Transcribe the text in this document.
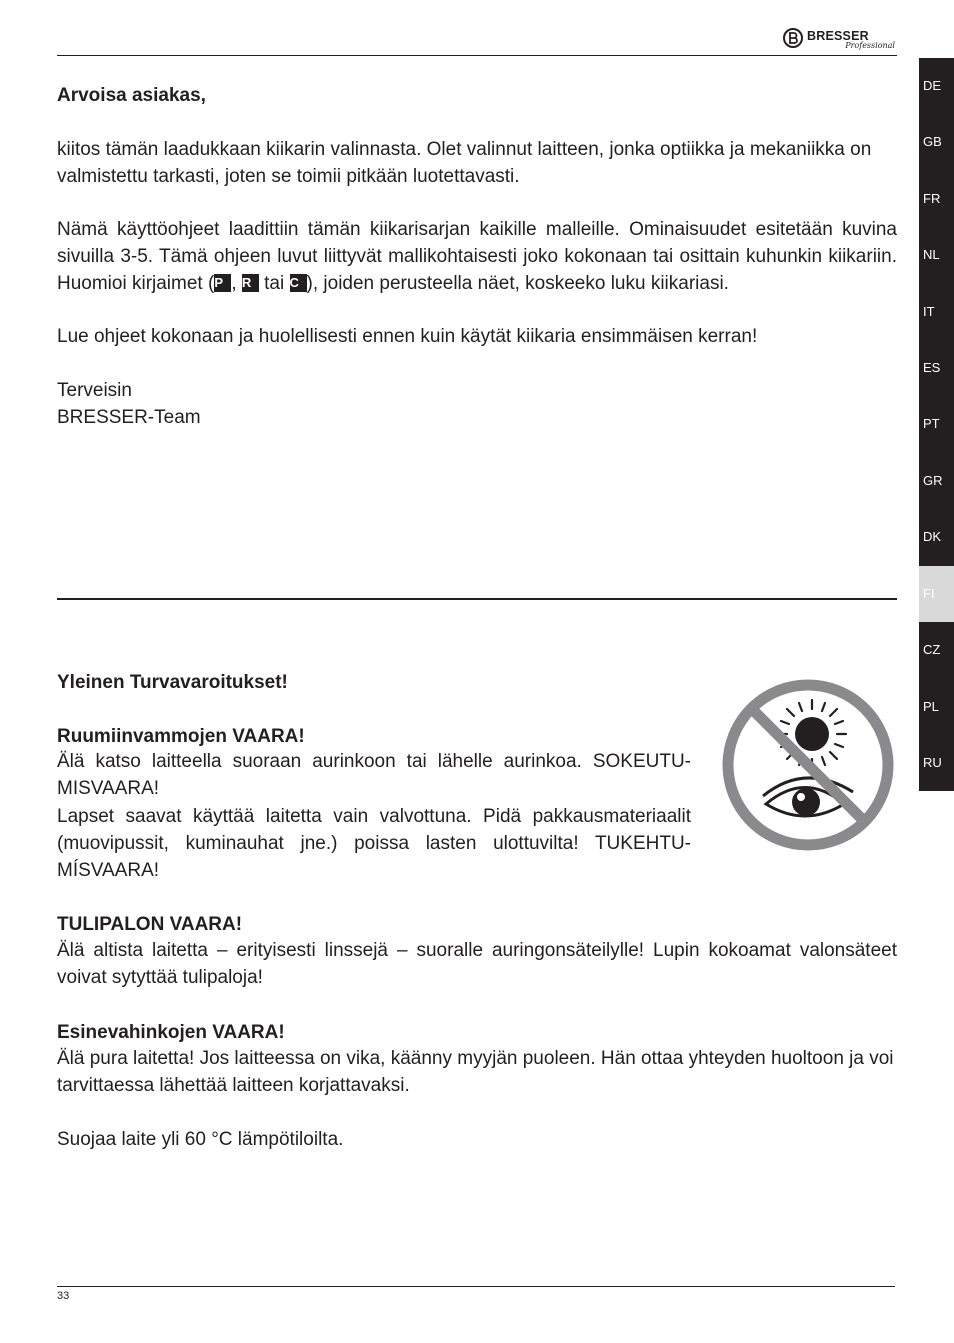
BRESSER
Professional
DE
GB
FR
NL
IT
ES
PT
GR
DK
FI
CZ
PL
RU

Arvoisa asiakas,

kiitos tämän laadukkaan kiikarin valinnasta. Olet valinnut laitteen, jonka optiikka ja mekaniikka on valmistettu tarkasti, joten se toimii pitkään luotettavasti.

Nämä käyttöohjeet laadittiin tämän kiikarisarjan kaikille malleille. Ominaisuudet esitetään kuvina sivuilla 3-5. Tämä ohjeen luvut liittyvät mallikohtaisesti joko kokonaan tai osittain kuhunkin kiikariin. Huomioi kirjaimet (P , R tai C ), joiden perusteella näet, koskeeko luku kiikariasi.

Lue ohjeet kokonaan ja huolellisesti ennen kuin käytät kiikaria ensimmäisen kerran!

Terveisin

BRESSER-Team

Yleinen Turvavaroitukset!

Ruumiinvammojen VAARA!

Älä katso laitteella suoraan aurinkoon tai lähelle aurinkoa. SOKEUTUMISVAARA!

Lapset saavat käyttää laitetta vain valvottuna. Pidä pakkausmateriaalit (muovipussit, kuminauhat jne.) poissa lasten ulottuvilta! TUKEHTUMÍSVAARA!

TULIPALON VAARA!

Älä altista laitetta – erityisesti linssejä – suoralle auringonsäteilylle! Lupin kokoamat valonsäteet voivat sytyttää tulipaloja!

Esinevahinkojen VAARA!

Älä pura laitetta! Jos laitteessa on vika, käänny myyjän puoleen. Hän ottaa yhteyden huoltoon ja voi tarvittaessa lähettää laitteen korjattavaksi.

Suojaa laite yli 60 °C lämpötiloilta.

33
